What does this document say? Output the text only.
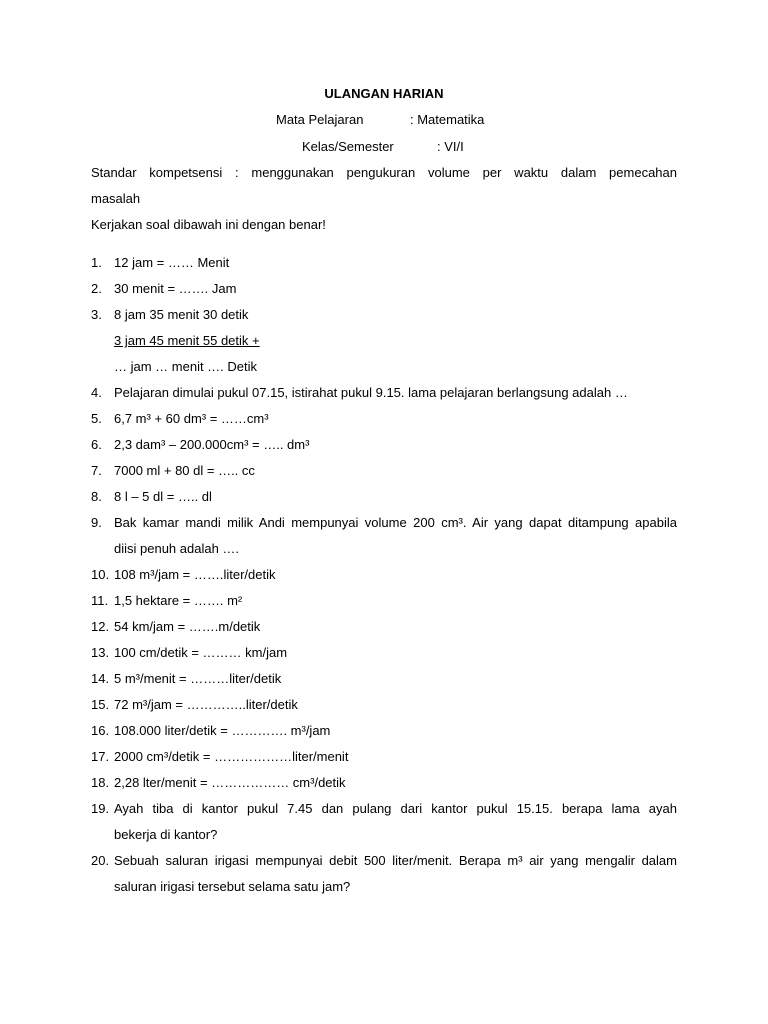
ULANGAN HARIAN
Mata Pelajaran	: Matematika
Kelas/Semester	: VI/I
Standar kompetsensi : menggunakan pengukuran volume per waktu dalam pemecahan
masalah
Kerjakan soal dibawah ini dengan benar!
1. 12 jam = …… Menit
2. 30 menit = ……. Jam
3. 8 jam 35 menit 30 detik
3 jam 45 menit 55 detik +
… jam … menit …. Detik
4. Pelajaran dimulai pukul 07.15, istirahat pukul 9.15. lama pelajaran berlangsung adalah …
5. 6,7 m³ + 60 dm³ = ……cm³
6. 2,3 dam³ – 200.000cm³ = ….. dm³
7. 7000 ml + 80 dl = ….. cc
8. 8 l – 5 dl = ….. dl
9. Bak kamar mandi milik Andi mempunyai volume 200 cm³. Air yang dapat ditampung apabila
diisi penuh adalah ….
10. 108 m³/jam = …….liter/detik
11. 1,5 hektare = ……. m²
12. 54 km/jam = …….m/detik
13. 100 cm/detik = ……… km/jam
14. 5 m³/menit = ………liter/detik
15. 72 m³/jam = …………..liter/detik
16. 108.000 liter/detik = …………. m³/jam
17. 2000 cm³/detik = ………………liter/menit
18. 2,28 lter/menit = ……………… cm³/detik
19. Ayah tiba di kantor pukul 7.45 dan pulang dari kantor pukul 15.15. berapa lama ayah
bekerja di kantor?
20. Sebuah saluran irigasi mempunyai debit 500 liter/menit. Berapa m³ air yang mengalir dalam
saluran irigasi tersebut selama satu jam?
